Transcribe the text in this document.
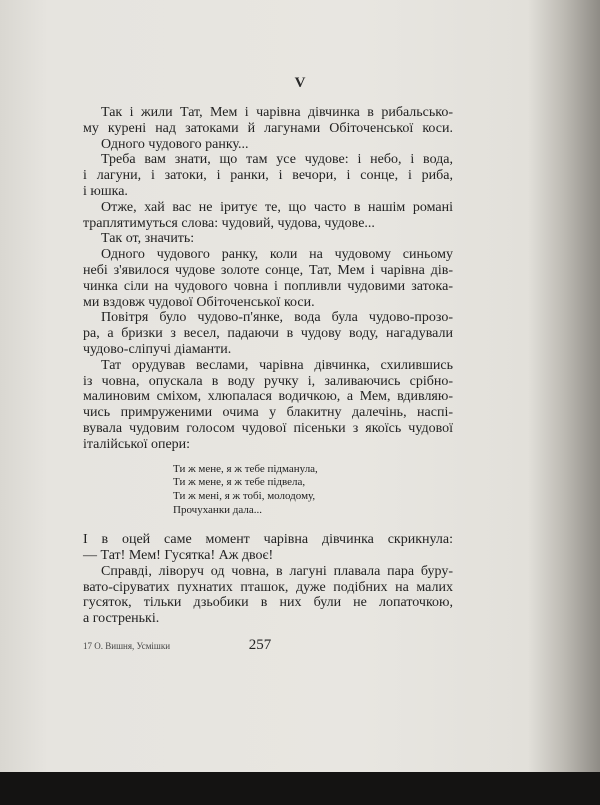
V
Так і жили Тат, Мем і чарівна дівчинка в рибальсько-
му курені над затоками й лагунами Обіточенської коси.
Одного чудового ранку...
Треба вам знати, що там усе чудове: і небо, і вода,
і лагуни, і затоки, і ранки, і вечори, і сонце, і риба,
і юшка.
Отже, хай вас не іритує те, що часто в нашім романі
траплятимуться слова: чудовий, чудова, чудове...
Так от, значить:
Одного чудового ранку, коли на чудовому синьому
небі з'явилося чудове золоте сонце, Тат, Мем і чарівна дів-
чинка сіли на чудового човна і попливли чудовими затока-
ми вздовж чудової Обіточенської коси.
Повітря було чудово-п'янке, вода була чудово-прозо-
ра, а бризки з весел, падаючи в чудову воду, нагадували
чудово-сліпучі діаманти.
Тат орудував веслами, чарівна дівчинка, схилившись
із човна, опускала в воду ручку і, заливаючись срібно-
малиновим сміхом, хлюпалася водичкою, а Мем, вдивляю-
чись примруженими очима у блакитну далечінь, наспі-
вувала чудовим голосом чудової пісеньки з якоїсь чудової
італійської опери:
Ти ж мене, я ж тебе підманула,
Ти ж мене, я ж тебе підвела,
Ти ж мені, я ж тобі, молодому,
Прочуханки дала...
І в оцей саме момент чарівна дівчинка скрикнула:
— Тат! Мем! Гусятка! Аж двоє!
Справді, ліворуч од човна, в лагуні плавала пара буру-
вато-сіруватих пухнатих пташок, дуже подібних на малих
гусяток, тільки дзьобики в них були не лопаточкою,
а гостренькі.
17 О. Вишня, Усмішки	257
